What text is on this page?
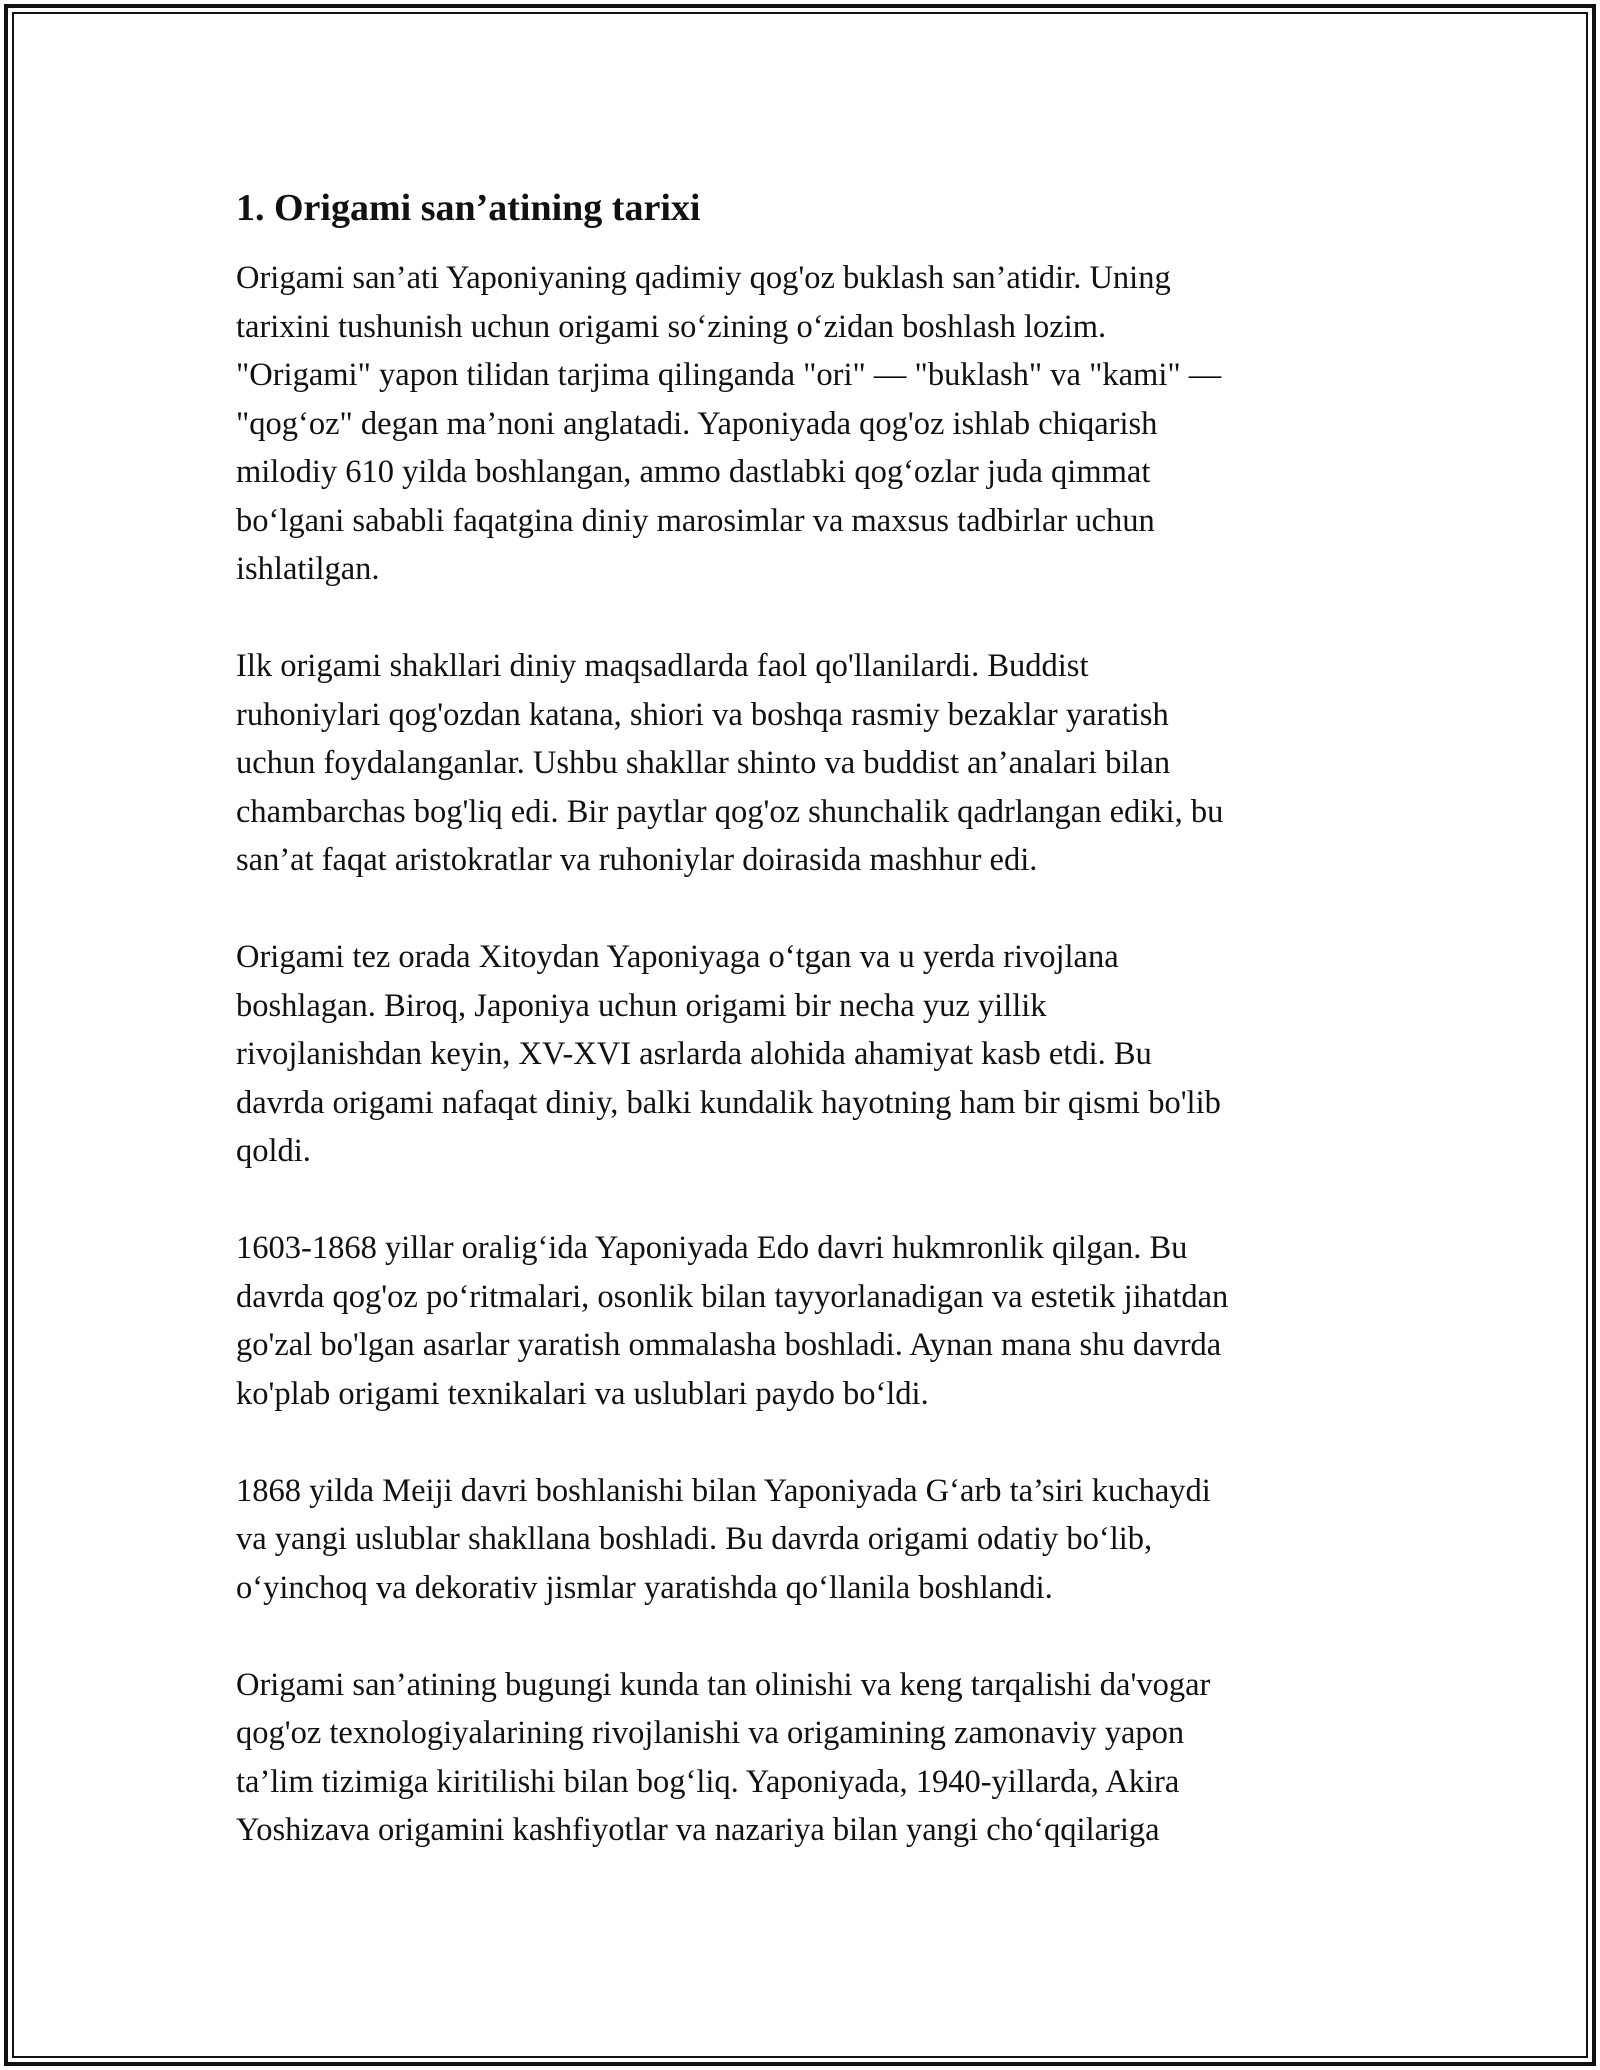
1. Origami san’atining tarixi

Origami san’ati Yaponiyaning qadimiy qog'oz buklash san’atidir. Uning
tarixini tushunish uchun origami so‘zining o‘zidan boshlash lozim.
"Origami" yapon tilidan tarjima qilinganda "ori" — "buklash" va "kami" —
"qog‘oz" degan ma’noni anglatadi. Yaponiyada qog'oz ishlab chiqarish
milodiy 610 yilda boshlangan, ammo dastlabki qog‘ozlar juda qimmat
bo‘lgani sababli faqatgina diniy marosimlar va maxsus tadbirlar uchun
ishlatilgan.

Ilk origami shakllari diniy maqsadlarda faol qo'llanilardi. Buddist
ruhoniylari qog'ozdan katana, shiori va boshqa rasmiy bezaklar yaratish
uchun foydalanganlar. Ushbu shakllar shinto va buddist an’analari bilan
chambarchas bog'liq edi. Bir paytlar qog'oz shunchalik qadrlangan ediki, bu
san’at faqat aristokratlar va ruhoniylar doirasida mashhur edi.

Origami tez orada Xitoydan Yaponiyaga o‘tgan va u yerda rivojlana
boshlagan. Biroq, Japoniya uchun origami bir necha yuz yillik
rivojlanishdan keyin, XV-XVI asrlarda alohida ahamiyat kasb etdi. Bu
davrda origami nafaqat diniy, balki kundalik hayotning ham bir qismi bo'lib
qoldi.

1603-1868 yillar oralig‘ida Yaponiyada Edo davri hukmronlik qilgan. Bu
davrda qog'oz po‘ritmalari, osonlik bilan tayyorlanadigan va estetik jihatdan
go'zal bo'lgan asarlar yaratish ommalasha boshladi. Aynan mana shu davrda
ko'plab origami texnikalari va uslublari paydo bo‘ldi.

1868 yilda Meiji davri boshlanishi bilan Yaponiyada G‘arb ta’siri kuchaydi
va yangi uslublar shakllana boshladi. Bu davrda origami odatiy bo‘lib,
o‘yinchoq va dekorativ jismlar yaratishda qo‘llanila boshlandi.

Origami san’atining bugungi kunda tan olinishi va keng tarqalishi da'vogar
qog'oz texnologiyalarining rivojlanishi va origamining zamonaviy yapon
ta’lim tizimiga kiritilishi bilan bog‘liq. Yaponiyada, 1940-yillarda, Akira
Yoshizava origamini kashfiyotlar va nazariya bilan yangi cho‘qqilariga
